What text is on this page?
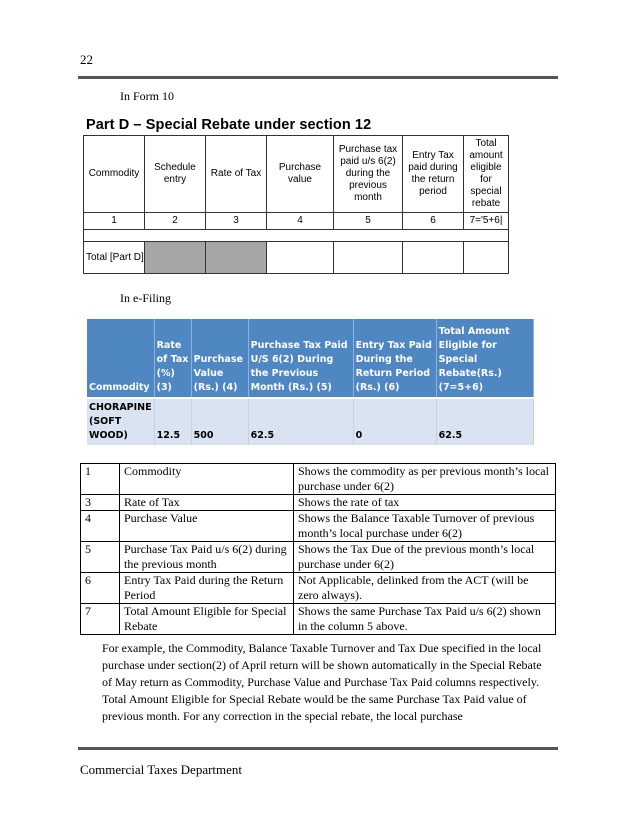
22
In Form 10
Part D – Special Rebate under section 12
Commodity	Schedule entry	Rate of Tax	Purchase value	Purchase tax paid u/s 6(2) during the previous month	Entry Tax paid during the return period	Total amount eligible for special rebate
1	2	3	4	5	6	7='5+6|

Total [Part D]						
In e-Filing
Commodity	Rate of Tax (%) (3)	Purchase Value (Rs.) (4)	Purchase Tax Paid U/S 6(2) During the Previous Month (Rs.) (5)	Entry Tax Paid During the Return Period (Rs.) (6)	Total Amount Eligible for Special Rebate(Rs.) (7=5+6)
CHORAPINE (SOFT WOOD)	12.5	500	62.5	0	62.5
1	Commodity	Shows the commodity as per previous month’s local purchase under 6(2)
3	Rate of Tax	Shows the rate of tax
4	Purchase Value	Shows the Balance Taxable Turnover of previous month’s local purchase under 6(2)
5	Purchase Tax Paid u/s 6(2) during the previous month	Shows the Tax Due of the previous month’s local purchase under 6(2)
6	Entry Tax Paid during the Return Period	Not Applicable, delinked from the ACT (will be zero always).
7	Total Amount Eligible for Special Rebate	Shows the same Purchase Tax Paid u/s 6(2) shown in the column 5 above.
For example, the Commodity, Balance Taxable Turnover and Tax Due specified in the local purchase under section(2) of April return will be shown automatically in the Special Rebate of May return as Commodity, Purchase Value and Purchase Tax Paid columns respectively. Total Amount Eligible for Special Rebate would be the same Purchase Tax Paid value of previous month. For any correction in the special rebate, the local purchase
Commercial Taxes Department
